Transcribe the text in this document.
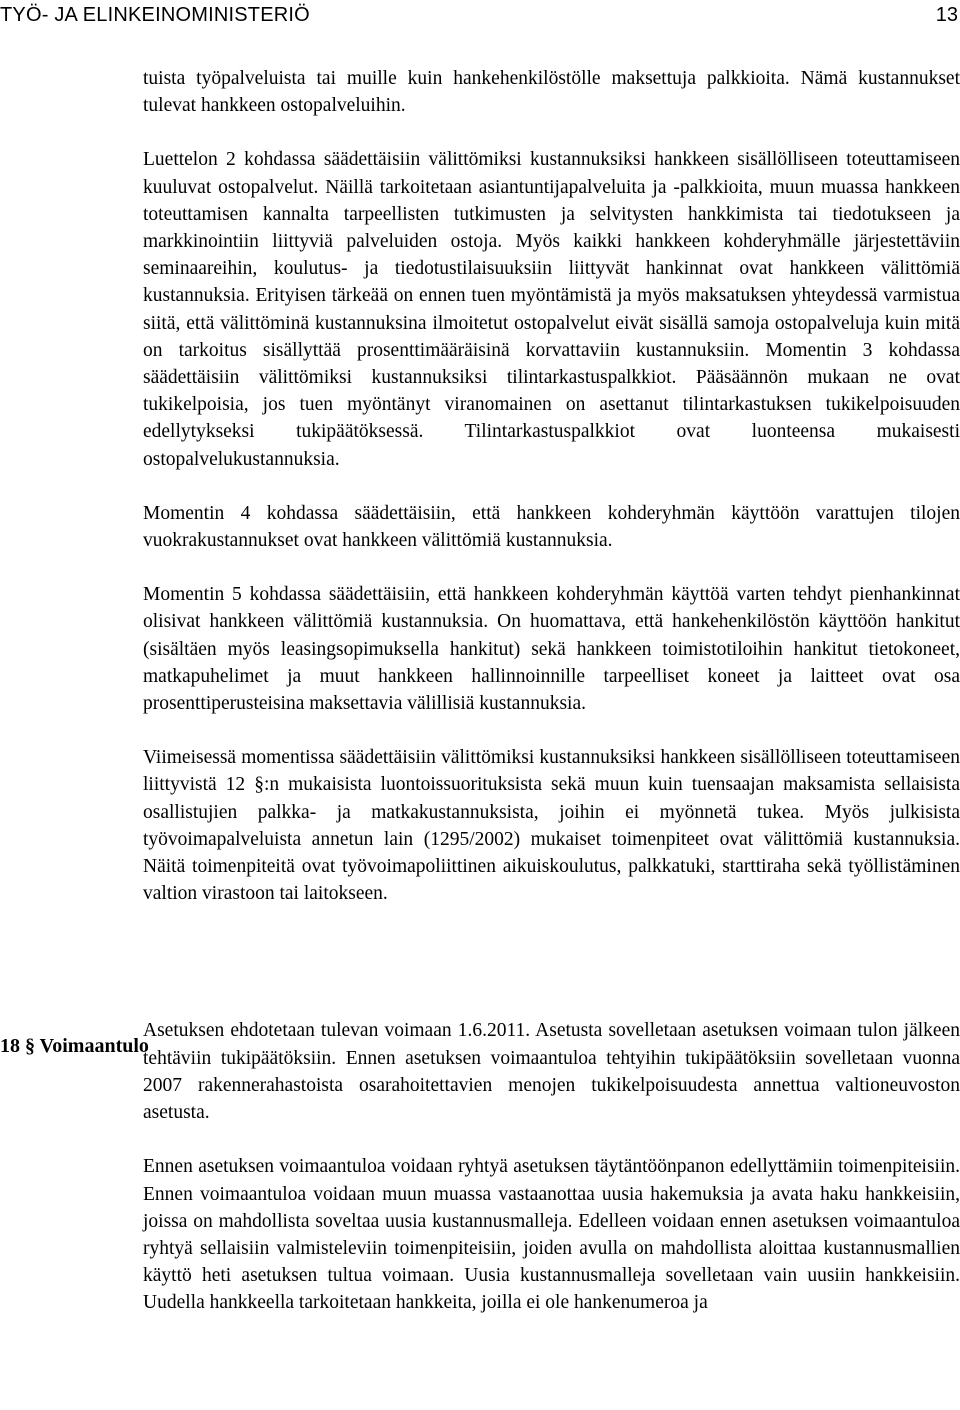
TYÖ- JA ELINKEINOMINISTERIÖ	13

tuista työpalveluista tai muille kuin hankehenkilöstölle maksettuja palkkioita. Nämä kustannukset tulevat hankkeen ostopalveluihin.

Luettelon 2 kohdassa säädettäisiin välittömiksi kustannuksiksi hankkeen sisällölliseen toteuttamiseen kuuluvat ostopalvelut. Näillä tarkoitetaan asiantuntijapalveluita ja -palkkioita, muun muassa hankkeen toteuttamisen kannalta tarpeellisten tutkimusten ja selvitysten hankkimista tai tiedotukseen ja markkinointiin liittyviä palveluiden ostoja. Myös kaikki hankkeen kohderyhmälle järjestettäviin seminaareihin, koulutus- ja tiedotustilaisuuksiin liittyvät hankinnat ovat hankkeen välittömiä kustannuksia. Erityisen tärkeää on ennen tuen myöntämistä ja myös maksatuksen yhteydessä varmistua siitä, että välittöminä kustannuksina ilmoitetut ostopalvelut eivät sisällä samoja ostopalveluja kuin mitä on tarkoitus sisällyttää prosenttimääräisinä korvattaviin kustannuksiin. Momentin 3 kohdassa säädettäisiin välittömiksi kustannuksiksi tilintarkastuspalkkiot. Pääsäännön mukaan ne ovat tukikelpoisia, jos tuen myöntänyt viranomainen on asettanut tilintarkastuksen tukikelpoisuuden edellytykseksi tukipäätöksessä. Tilintarkastuspalkkiot ovat luonteensa mukaisesti ostopalvelukustannuksia.

Momentin 4 kohdassa säädettäisiin, että hankkeen kohderyhmän käyttöön varattujen tilojen vuokrakustannukset ovat hankkeen välittömiä kustannuksia.

Momentin 5 kohdassa säädettäisiin, että hankkeen kohderyhmän käyttöä varten tehdyt pienhankinnat olisivat hankkeen välittömiä kustannuksia. On huomattava, että hankehenkilöstön käyttöön hankitut (sisältäen myös leasingsopimuksella hankitut) sekä hankkeen toimistotiloihin hankitut tietokoneet, matkapuhelimet ja muut hankkeen hallinnoinnille tarpeelliset koneet ja laitteet ovat osa prosenttiperusteisina maksettavia välillisiä kustannuksia.

Viimeisessä momentissa säädettäisiin välittömiksi kustannuksiksi hankkeen sisällölliseen toteuttamiseen liittyvistä 12 §:n mukaisista luontoissuorituksista sekä muun kuin tuensaajan maksamista sellaisista osallistujien palkka- ja matkakustannuksista, joihin ei myönnetä tukea. Myös julkisista työvoimapalveluista annetun lain (1295/2002) mukaiset toimenpiteet ovat välittömiä kustannuksia. Näitä toimenpiteitä ovat työvoimapoliittinen aikuiskoulutus, palkkatuki, starttiraha sekä työllistäminen valtion virastoon tai laitokseen.

Asetuksen ehdotetaan tulevan voimaan 1.6.2011. Asetusta sovelletaan asetuksen voimaan tulon jälkeen tehtäviin tukipäätöksiin. Ennen asetuksen voimaantuloa tehtyihin tukipäätöksiin sovelletaan vuonna 2007 rakennerahastoista osarahoitettavien menojen tukikelpoisuudesta annettua valtioneuvoston asetusta.

Ennen asetuksen voimaantuloa voidaan ryhtyä asetuksen täytäntöönpanon edellyttämiin toimenpiteisiin. Ennen voimaantuloa voidaan muun muassa vastaanottaa uusia hakemuksia ja avata haku hankkeisiin, joissa on mahdollista soveltaa uusia kustannusmalleja. Edelleen voidaan ennen asetuksen voimaantuloa ryhtyä sellaisiin valmisteleviin toimenpiteisiin, joiden avulla on mahdollista aloittaa kustannusmallien käyttö heti asetuksen tultua voimaan. Uusia kustannusmalleja sovelletaan vain uusiin hankkeisiin. Uudella hankkeella tarkoitetaan hankkeita, joilla ei ole hankenumeroa ja

18 § Voimaantulo
